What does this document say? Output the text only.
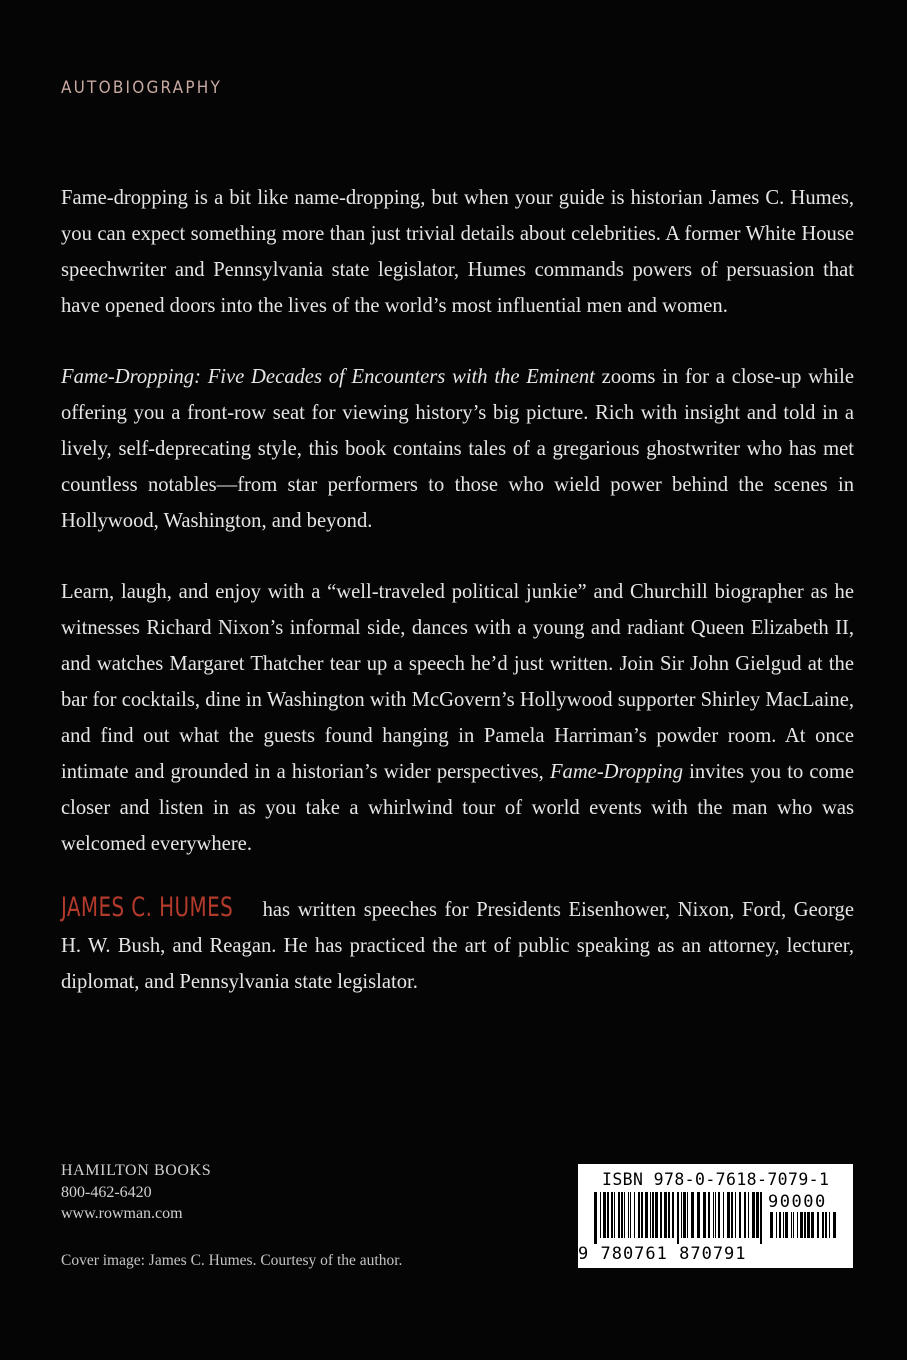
AUTOBIOGRAPHY

Fame-dropping is a bit like name-dropping, but when your guide is historian James C. Humes, you can expect something more than just trivial details about celebrities. A former White House speechwriter and Pennsylvania state legislator, Humes commands powers of persuasion that have opened doors into the lives of the world’s most influential men and women.

Fame-Dropping: Five Decades of Encounters with the Eminent zooms in for a close-up while offering you a front-row seat for viewing history’s big picture. Rich with insight and told in a lively, self-deprecating style, this book contains tales of a gregarious ghostwriter who has met countless notables—from star performers to those who wield power behind the scenes in Hollywood, Washington, and beyond.

Learn, laugh, and enjoy with a “well-traveled political junkie” and Churchill biographer as he witnesses Richard Nixon’s informal side, dances with a young and radiant Queen Elizabeth II, and watches Margaret Thatcher tear up a speech he’d just written. Join Sir John Gielgud at the bar for cocktails, dine in Washington with McGovern’s Hollywood supporter Shirley MacLaine, and find out what the guests found hanging in Pamela Harriman’s powder room. At once intimate and grounded in a historian’s wider perspectives, Fame-Dropping invites you to come closer and listen in as you take a whirlwind tour of world events with the man who was welcomed everywhere.

JAMES C. HUMES has written speeches for Presidents Eisenhower, Nixon, Ford, George H. W. Bush, and Reagan. He has practiced the art of public speaking as an attorney, lecturer, diplomat, and Pennsylvania state legislator.

HAMILTON BOOKS
800-462-6420
www.rowman.com
Cover image: James C. Humes. Courtesy of the author.
ISBN 978-0-7618-7079-1
90000
9 780761 870791
